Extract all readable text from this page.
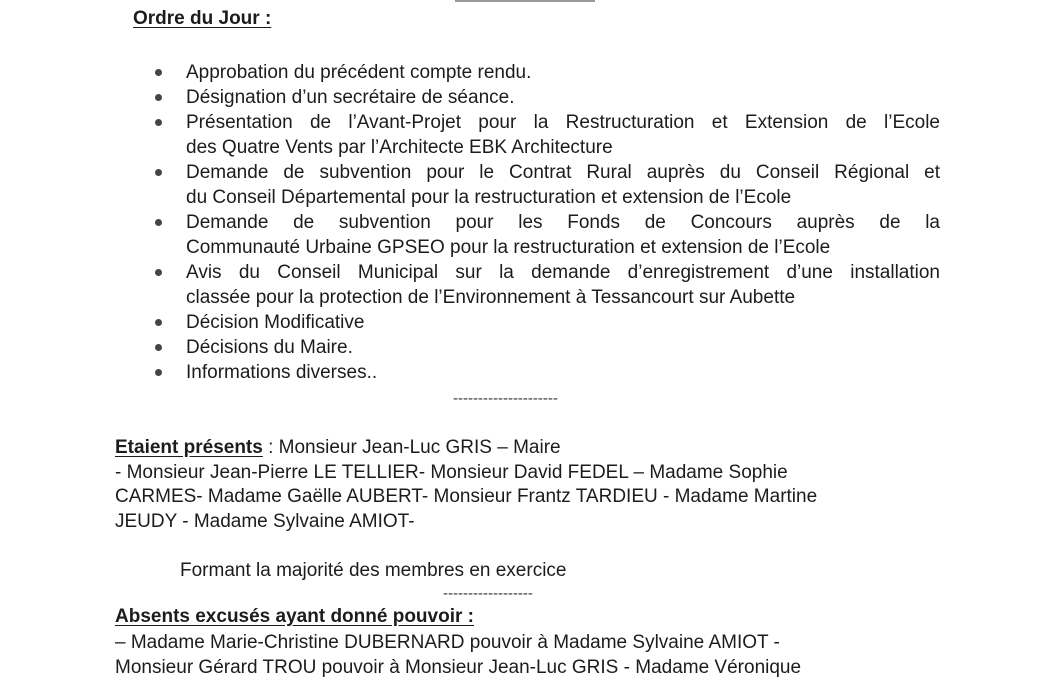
Ordre du Jour :
Approbation du précédent compte rendu.
Désignation d’un secrétaire de séance.
Présentation de l’Avant-Projet pour la Restructuration et Extension de l’Ecole
des Quatre Vents par l’Architecte EBK Architecture
Demande de subvention pour le Contrat Rural auprès du Conseil Régional et
du Conseil Départemental pour la restructuration et extension de l’Ecole
Demande de subvention pour les Fonds de Concours auprès de la
Communauté Urbaine GPSEO pour la restructuration et extension de l’Ecole
Avis du Conseil Municipal sur la demande d’enregistrement d’une installation
classée pour la protection de l’Environnement à Tessancourt sur Aubette
Décision Modificative
Décisions du Maire.
Informations diverses..
---------------------
Etaient présents : Monsieur Jean-Luc GRIS – Maire
- Monsieur Jean-Pierre LE TELLIER- Monsieur David FEDEL – Madame Sophie
CARMES- Madame Gaëlle AUBERT- Monsieur Frantz TARDIEU - Madame Martine
JEUDY - Madame Sylvaine AMIOT-
Formant la majorité des membres en exercice
------------------
Absents excusés ayant donné pouvoir :
– Madame Marie-Christine DUBERNARD pouvoir à Madame Sylvaine AMIOT -
Monsieur Gérard TROU pouvoir à Monsieur Jean-Luc GRIS - Madame Véronique
